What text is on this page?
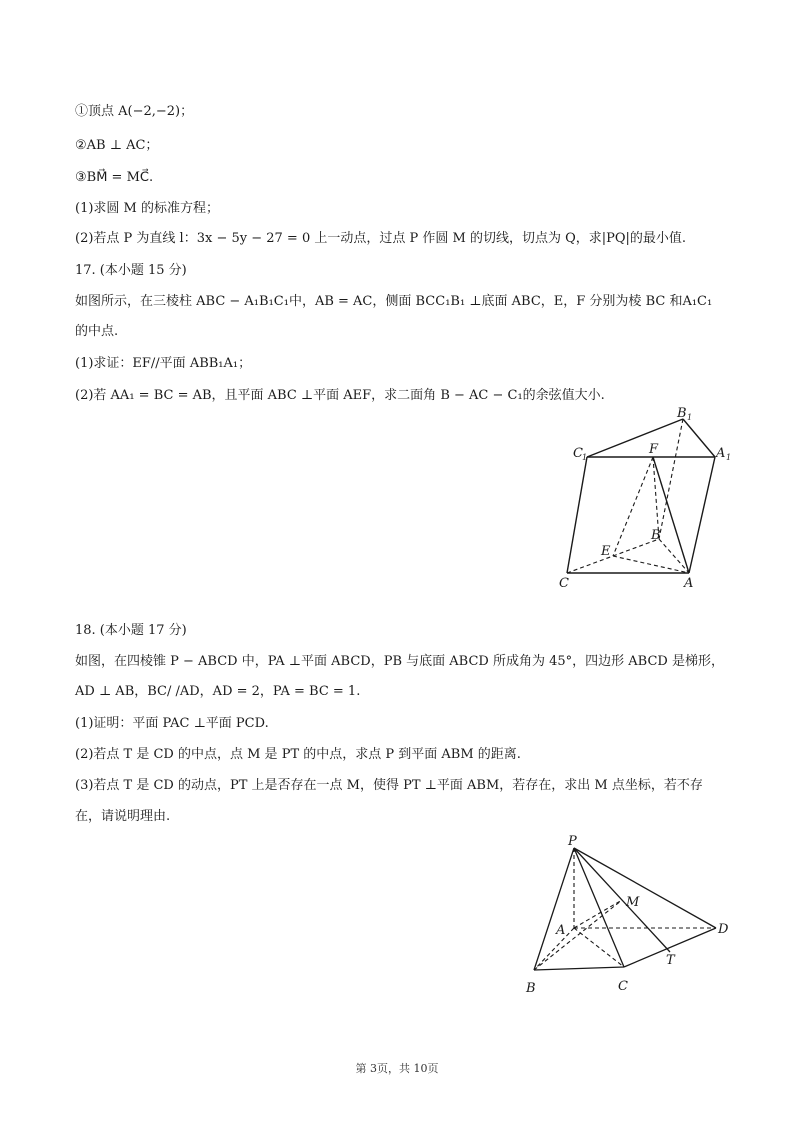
①顶点 A(−2,−2)；
②AB ⊥ AC；
③BM⃗ = MC⃗.
(1)求圆 M 的标准方程；
(2)若点 P 为直线 l：3x − 5y − 27 = 0 上一动点，过点 P 作圆 M 的切线，切点为 Q，求|PQ|的最小值.
17. (本小题 15 分)
如图所示，在三棱柱 ABC − A₁B₁C₁中，AB = AC，侧面 BCC₁B₁ ⊥底面 ABC，E，F 分别为棱 BC 和A₁C₁
的中点.
(1)求证：EF//平面 ABB₁A₁；
(2)若 AA₁ = BC = AB，且平面 ABC ⊥平面 AEF，求二面角 B − AC − C₁的余弦值大小.
B 1
C 1	A 1
F
E
B
C	A
18. (本小题 17 分)
如图，在四棱锥 P − ABCD 中，PA ⊥平面 ABCD，PB 与底面 ABCD 所成角为 45°，四边形 ABCD 是梯形，
AD ⊥ AB，BC/ /AD，AD = 2，PA = BC = 1.
(1)证明：平面 PAC ⊥平面 PCD.
(2)若点 T 是 CD 的中点，点 M 是 PT 的中点，求点 P 到平面 ABM 的距离.
(3)若点 T 是 CD 的动点，PT 上是否存在一点 M，使得 PT ⊥平面 ABM，若存在，求出 M 点坐标，若不存
在，请说明理由.
P
M
A	D
T
B	C
第 3页，共 10页
